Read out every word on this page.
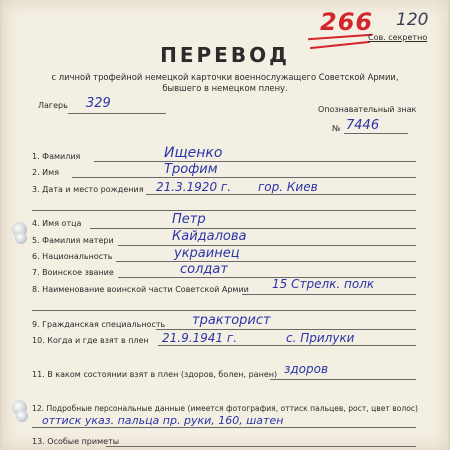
266 120
Сов. секретно
ПЕРЕВОД
с личной трофейной немецкой карточки военнослужащего Советской Армии,
бывшего в немецком плену.
Лагерь 329	Опознавательный знак
№ 7446
1. Фамилия	Ищенко
2. Имя	Трофим
3. Дата и место рождения 21.3.1920 г. гор. Киев
4. Имя отца	Петр
5. Фамилия матери	Кайдалова
6. Национальность	украинец
7. Воинское звание	солдат
8. Наименование воинской части Советской Армии 15 Стрелк. полк
9. Гражданская специальность тракторист
10. Когда и где взят в плен 21.9.1941 г.	с. Прилуки
11. В каком состоянии взят в плен (здоров, болен, ранен) здоров
12. Подробные персональные данные (имеется фотография, оттиск пальцев, рост, цвет волос)
оттиск указ. пальца пр. руки, 160, шатен
13. Особые приметы
